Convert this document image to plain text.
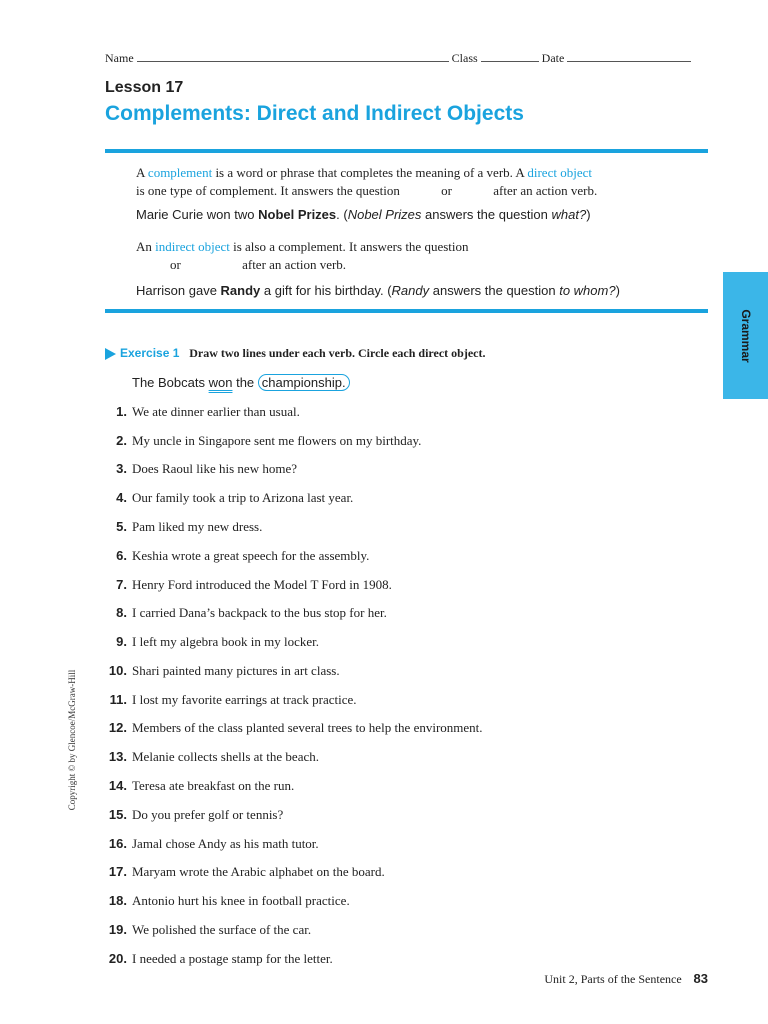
Name	Class	Date
Lesson 17
Complements: Direct and Indirect Objects
A complement is a word or phrase that completes the meaning of a verb. A direct object
is one type of complement. It answers the question	or	after an action verb.
Marie Curie won two Nobel Prizes. (Nobel Prizes answers the question what?)
An indirect object is also a complement. It answers the question
or	after an action verb.
Harrison gave Randy a gift for his birthday. (Randy answers the question to whom?)
Grammar
Exercise 1 Draw two lines under each verb. Circle each direct object.
The Bobcats won the championship.
1. We ate dinner earlier than usual.
2. My uncle in Singapore sent me flowers on my birthday.
3. Does Raoul like his new home?
4. Our family took a trip to Arizona last year.
5. Pam liked my new dress.
6. Keshia wrote a great speech for the assembly.
7. Henry Ford introduced the Model T Ford in 1908.
8. I carried Dana’s backpack to the bus stop for her.
9. I left my algebra book in my locker.
10. Shari painted many pictures in art class.
11. I lost my favorite earrings at track practice.
12. Members of the class planted several trees to help the environment.
13. Melanie collects shells at the beach.
14. Teresa ate breakfast on the run.
15. Do you prefer golf or tennis?
16. Jamal chose Andy as his math tutor.
17. Maryam wrote the Arabic alphabet on the board.
18. Antonio hurt his knee in football practice.
19. We polished the surface of the car.
20. I needed a postage stamp for the letter.
Copyright © by Glencoe/McGraw-Hill
Unit 2, Parts of the Sentence 83
